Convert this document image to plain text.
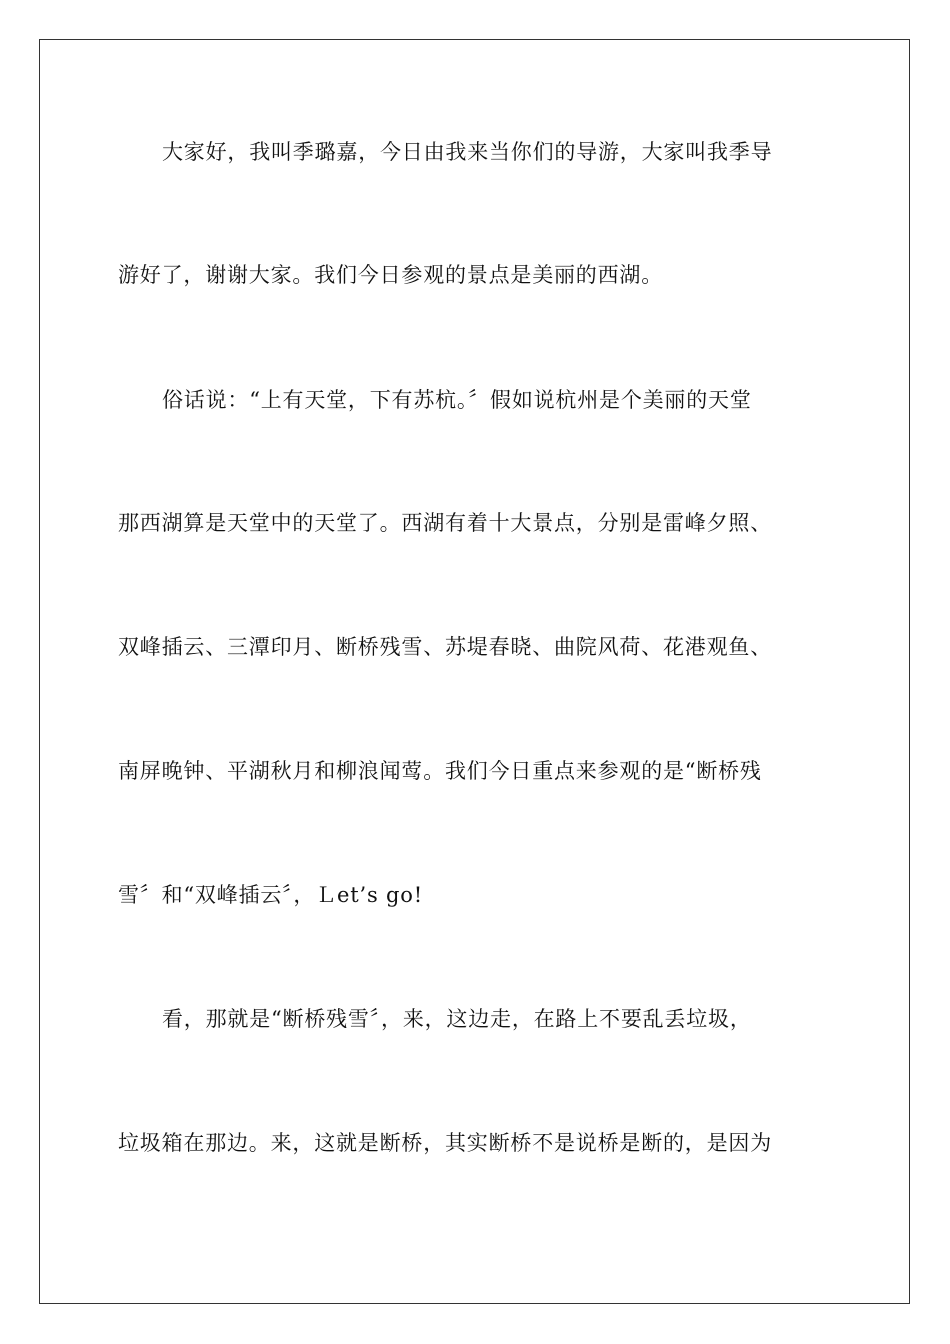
大家好，我叫季璐嘉，今日由我来当你们的导游，大家叫我季导
游好了，谢谢大家。我们今日参观的景点是美丽的西湖。
俗话说：“上有天堂，下有苏杭。〞假如说杭州是个美丽的天堂
那西湖算是天堂中的天堂了。西湖有着十大景点，分别是雷峰夕照、
双峰插云、三潭印月、断桥残雪、苏堤春晓、曲院风荷、花港观鱼、
南屏晚钟、平湖秋月和柳浪闻莺。我们今日重点来参观的是“断桥残
雪〞和“双峰插云〞，Ｌet’s go!
看，那就是“断桥残雪〞，来，这边走，在路上不要乱丢垃圾，
垃圾箱在那边。来，这就是断桥，其实断桥不是说桥是断的，是因为
